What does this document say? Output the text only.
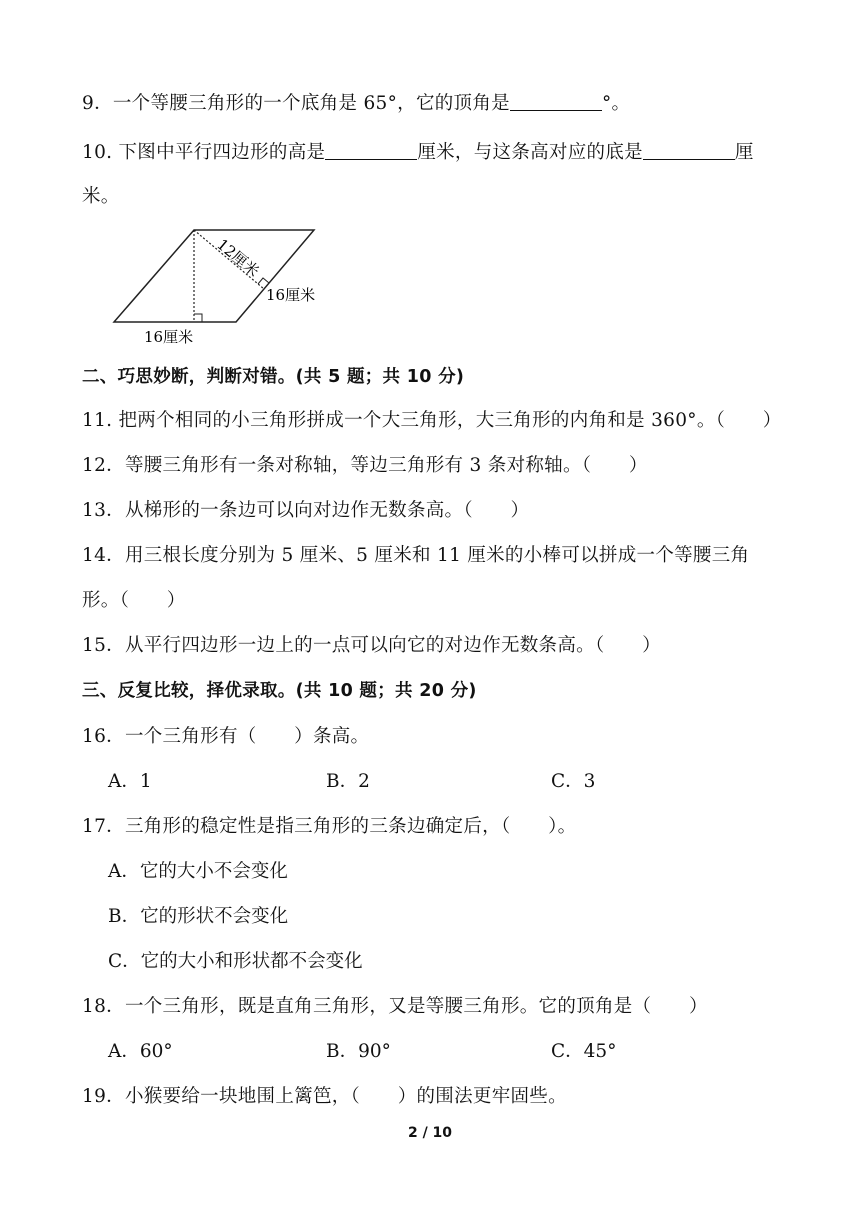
9．一个等腰三角形的一个底角是 65°，它的顶角是	°。
10. 下图中平行四边形的高是	厘米，与这条高对应的底是	厘
米。
12厘米
16厘米
16厘米
二、巧思妙断，判断对错。(共 5 题；共 10 分)
11. 把两个相同的小三角形拼成一个大三角形，大三角形的内角和是 360°。（　　）
12．等腰三角形有一条对称轴，等边三角形有 3 条对称轴。（　　）
13．从梯形的一条边可以向对边作无数条高。（　　）
14．用三根长度分别为 5 厘米、5 厘米和 11 厘米的小棒可以拼成一个等腰三角
形。（　　）
15．从平行四边形一边上的一点可以向它的对边作无数条高。（　　）
三、反复比较，择优录取。(共 10 题；共 20 分)
16．一个三角形有（　　）条高。
A．1	B．2	C．3
17．三角形的稳定性是指三角形的三条边确定后，（　　）。
A．它的大小不会变化
B．它的形状不会变化
C．它的大小和形状都不会变化
18．一个三角形，既是直角三角形，又是等腰三角形。它的顶角是（　　）
A．60°	B．90°	C．45°
19．小猴要给一块地围上篱笆，（　　）的围法更牢固些。
2 / 10
